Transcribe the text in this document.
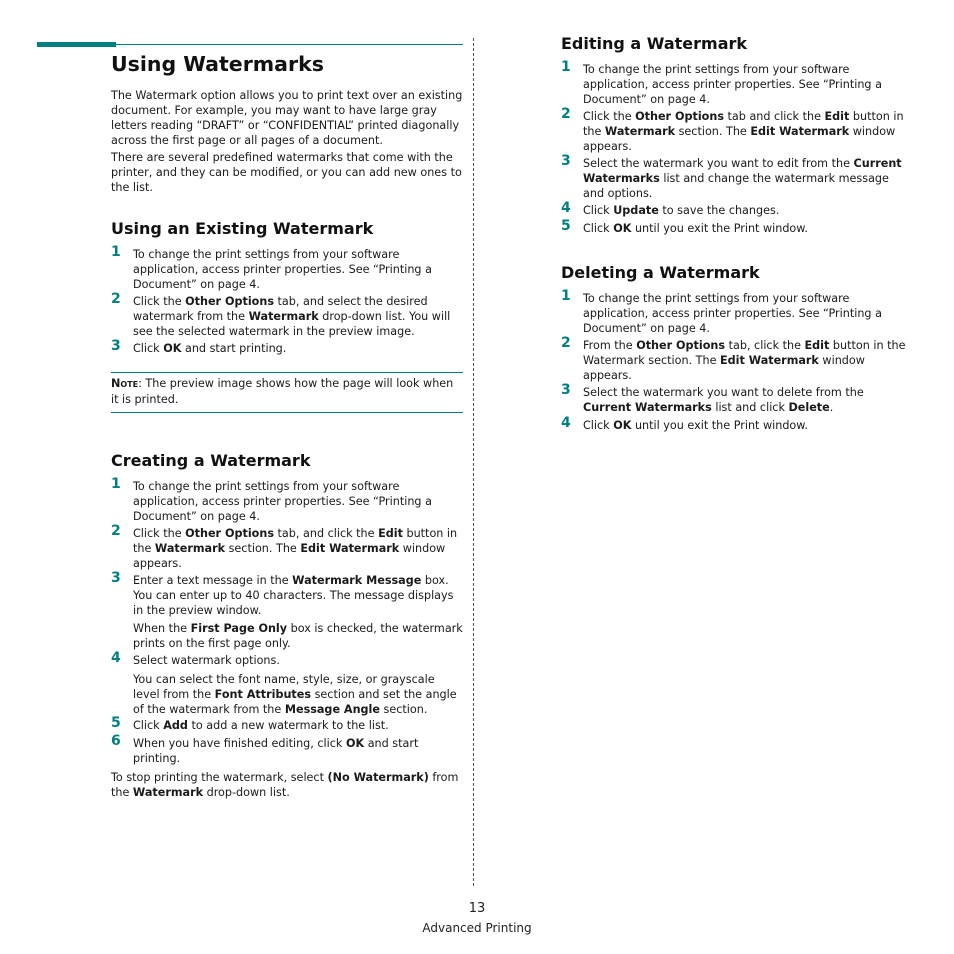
Using Watermarks

The Watermark option allows you to print text over an existing document. For example, you may want to have large gray letters reading “DRAFT” or “CONFIDENTIAL” printed diagonally across the first page or all pages of a document.

There are several predefined watermarks that come with the printer, and they can be modified, or you can add new ones to the list.

Using an Existing Watermark
1 To change the print settings from your software application, access printer properties. See “Printing a Document” on page 4.

2 Click the Other Options tab, and select the desired watermark from the Watermark drop-down list. You will see the selected watermark in the preview image.

3 Click OK and start printing.

Note: The preview image shows how the page will look when it is printed.

Creating a Watermark
1 To change the print settings from your software application, access printer properties. See “Printing a Document” on page 4.

2 Click the Other Options tab, and click the Edit button in the Watermark section. The Edit Watermark window appears.

3 Enter a text message in the Watermark Message box. You can enter up to 40 characters. The message displays in the preview window.

When the First Page Only box is checked, the watermark prints on the first page only.

4 Select watermark options.

You can select the font name, style, size, or grayscale level from the Font Attributes section and set the angle of the watermark from the Message Angle section.

5 Click Add to add a new watermark to the list.

6 When you have finished editing, click OK and start printing.

To stop printing the watermark, select (No Watermark) from the Watermark drop-down list.

Editing a Watermark
1 To change the print settings from your software application, access printer properties. See “Printing a Document” on page 4.

2 Click the Other Options tab and click the Edit button in the Watermark section. The Edit Watermark window appears.

3 Select the watermark you want to edit from the Current Watermarks list and change the watermark message and options.

4 Click Update to save the changes.

5 Click OK until you exit the Print window.

Deleting a Watermark
1 To change the print settings from your software application, access printer properties. See “Printing a Document” on page 4.

2 From the Other Options tab, click the Edit button in the Watermark section. The Edit Watermark window appears.

3 Select the watermark you want to delete from the Current Watermarks list and click Delete.

4 Click OK until you exit the Print window.

13
Advanced Printing
